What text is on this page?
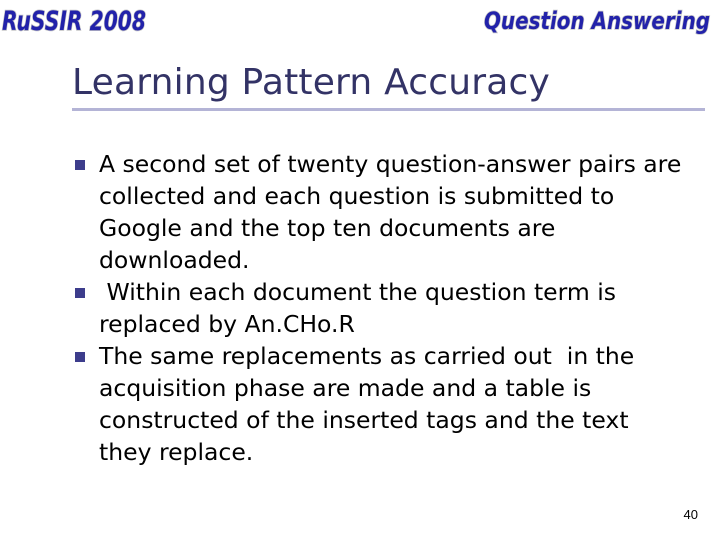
RuSSIR 2008	Question Answering
Learning Pattern Accuracy
A second set of twenty question-answer pairs are collected and each question is submitted to Google and the top ten documents are downloaded.
Within each document the question term is replaced by An.CHo.R
The same replacements as carried out  in the acquisition phase are made and a table is constructed of the inserted tags and the text they replace.
40
